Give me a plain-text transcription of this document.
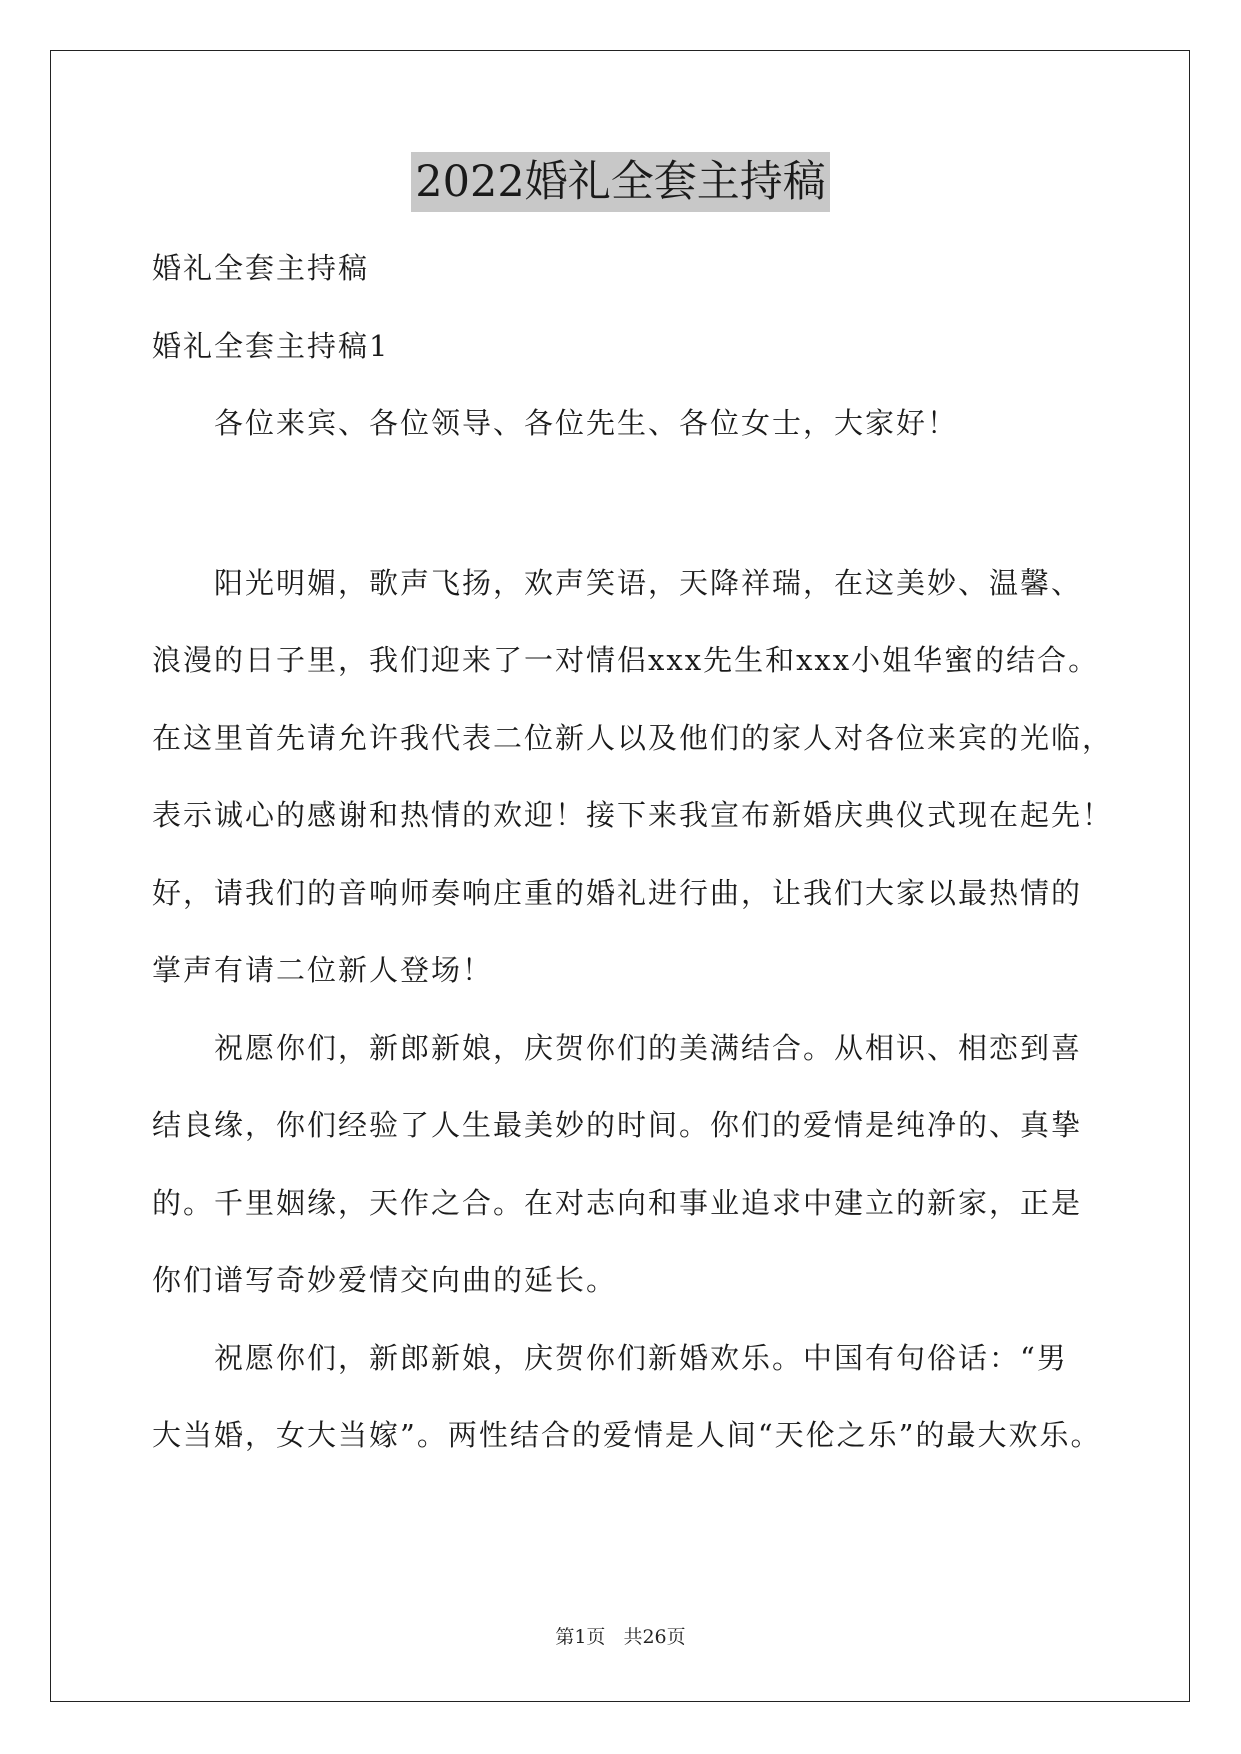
2022婚礼全套主持稿

婚礼全套主持稿

婚礼全套主持稿1

各位来宾、各位领导、各位先生、各位女士，大家好！

阳光明媚，歌声飞扬，欢声笑语，天降祥瑞，在这美妙、温馨、

浪漫的日子里，我们迎来了一对情侣xxx先生和xxx小姐华蜜的结合。

在这里首先请允许我代表二位新人以及他们的家人对各位来宾的光临，

表示诚心的感谢和热情的欢迎！接下来我宣布新婚庆典仪式现在起先！

好，请我们的音响师奏响庄重的婚礼进行曲，让我们大家以最热情的

掌声有请二位新人登场！

祝愿你们，新郎新娘，庆贺你们的美满结合。从相识、相恋到喜

结良缘，你们经验了人生最美妙的时间。你们的爱情是纯净的、真挚

的。千里姻缘，天作之合。在对志向和事业追求中建立的新家，正是

你们谱写奇妙爱情交向曲的延长。

祝愿你们，新郎新娘，庆贺你们新婚欢乐。中国有句俗话：“男

大当婚，女大当嫁”。两性结合的爱情是人间“天伦之乐”的最大欢乐。

第1页 共26页
